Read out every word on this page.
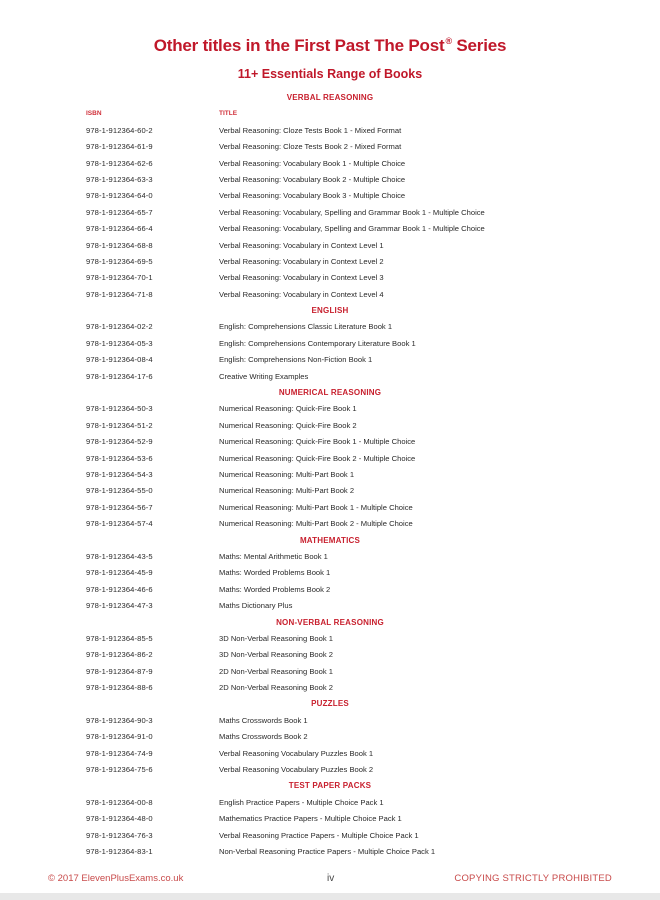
Other titles in the First Past The Post® Series
11+ Essentials Range of Books
VERBAL REASONING
ISBN	TITLE
978-1-912364-60-2	Verbal Reasoning: Cloze Tests Book 1 - Mixed Format
978-1-912364-61-9	Verbal Reasoning: Cloze Tests Book 2 - Mixed Format
978-1-912364-62-6	Verbal Reasoning: Vocabulary Book 1 - Multiple Choice
978-1-912364-63-3	Verbal Reasoning: Vocabulary Book 2 - Multiple Choice
978-1-912364-64-0	Verbal Reasoning: Vocabulary Book 3 - Multiple Choice
978-1-912364-65-7	Verbal Reasoning: Vocabulary, Spelling and Grammar Book 1 - Multiple Choice
978-1-912364-66-4	Verbal Reasoning: Vocabulary, Spelling and Grammar Book 1 - Multiple Choice
978-1-912364-68-8	Verbal Reasoning: Vocabulary in Context Level 1
978-1-912364-69-5	Verbal Reasoning: Vocabulary in Context Level 2
978-1-912364-70-1	Verbal Reasoning: Vocabulary in Context Level 3
978-1-912364-71-8	Verbal Reasoning: Vocabulary in Context Level 4
ENGLISH
978-1-912364-02-2	English: Comprehensions Classic Literature Book 1
978-1-912364-05-3	English: Comprehensions Contemporary Literature Book 1
978-1-912364-08-4	English: Comprehensions Non-Fiction Book 1
978-1-912364-17-6	Creative Writing Examples
NUMERICAL REASONING
978-1-912364-50-3	Numerical Reasoning: Quick-Fire Book 1
978-1-912364-51-2	Numerical Reasoning: Quick-Fire Book 2
978-1-912364-52-9	Numerical Reasoning: Quick-Fire Book 1 - Multiple Choice
978-1-912364-53-6	Numerical Reasoning: Quick-Fire Book 2 - Multiple Choice
978-1-912364-54-3	Numerical Reasoning: Multi-Part Book 1
978-1-912364-55-0	Numerical Reasoning: Multi-Part Book 2
978-1-912364-56-7	Numerical Reasoning: Multi-Part Book 1 - Multiple Choice
978-1-912364-57-4	Numerical Reasoning: Multi-Part Book 2 - Multiple Choice
MATHEMATICS
978-1-912364-43-5	Maths: Mental Arithmetic Book 1
978-1-912364-45-9	Maths: Worded Problems Book 1
978-1-912364-46-6	Maths: Worded Problems Book 2
978-1-912364-47-3	Maths Dictionary Plus
NON-VERBAL REASONING
978-1-912364-85-5	3D Non-Verbal Reasoning Book 1
978-1-912364-86-2	3D Non-Verbal Reasoning Book 2
978-1-912364-87-9	2D Non-Verbal Reasoning Book 1
978-1-912364-88-6	2D Non-Verbal Reasoning Book 2
PUZZLES
978-1-912364-90-3	Maths Crosswords Book 1
978-1-912364-91-0	Maths Crosswords Book 2
978-1-912364-74-9	Verbal Reasoning Vocabulary Puzzles Book 1
978-1-912364-75-6	Verbal Reasoning Vocabulary Puzzles Book 2
TEST PAPER PACKS
978-1-912364-00-8	English Practice Papers - Multiple Choice Pack 1
978-1-912364-48-0	Mathematics Practice Papers - Multiple Choice Pack 1
978-1-912364-76-3	Verbal Reasoning Practice Papers - Multiple Choice Pack 1
978-1-912364-83-1	Non-Verbal Reasoning Practice Papers - Multiple Choice Pack 1
© 2017 ElevenPlusExams.co.uk	iv	COPYING STRICTLY PROHIBITED
